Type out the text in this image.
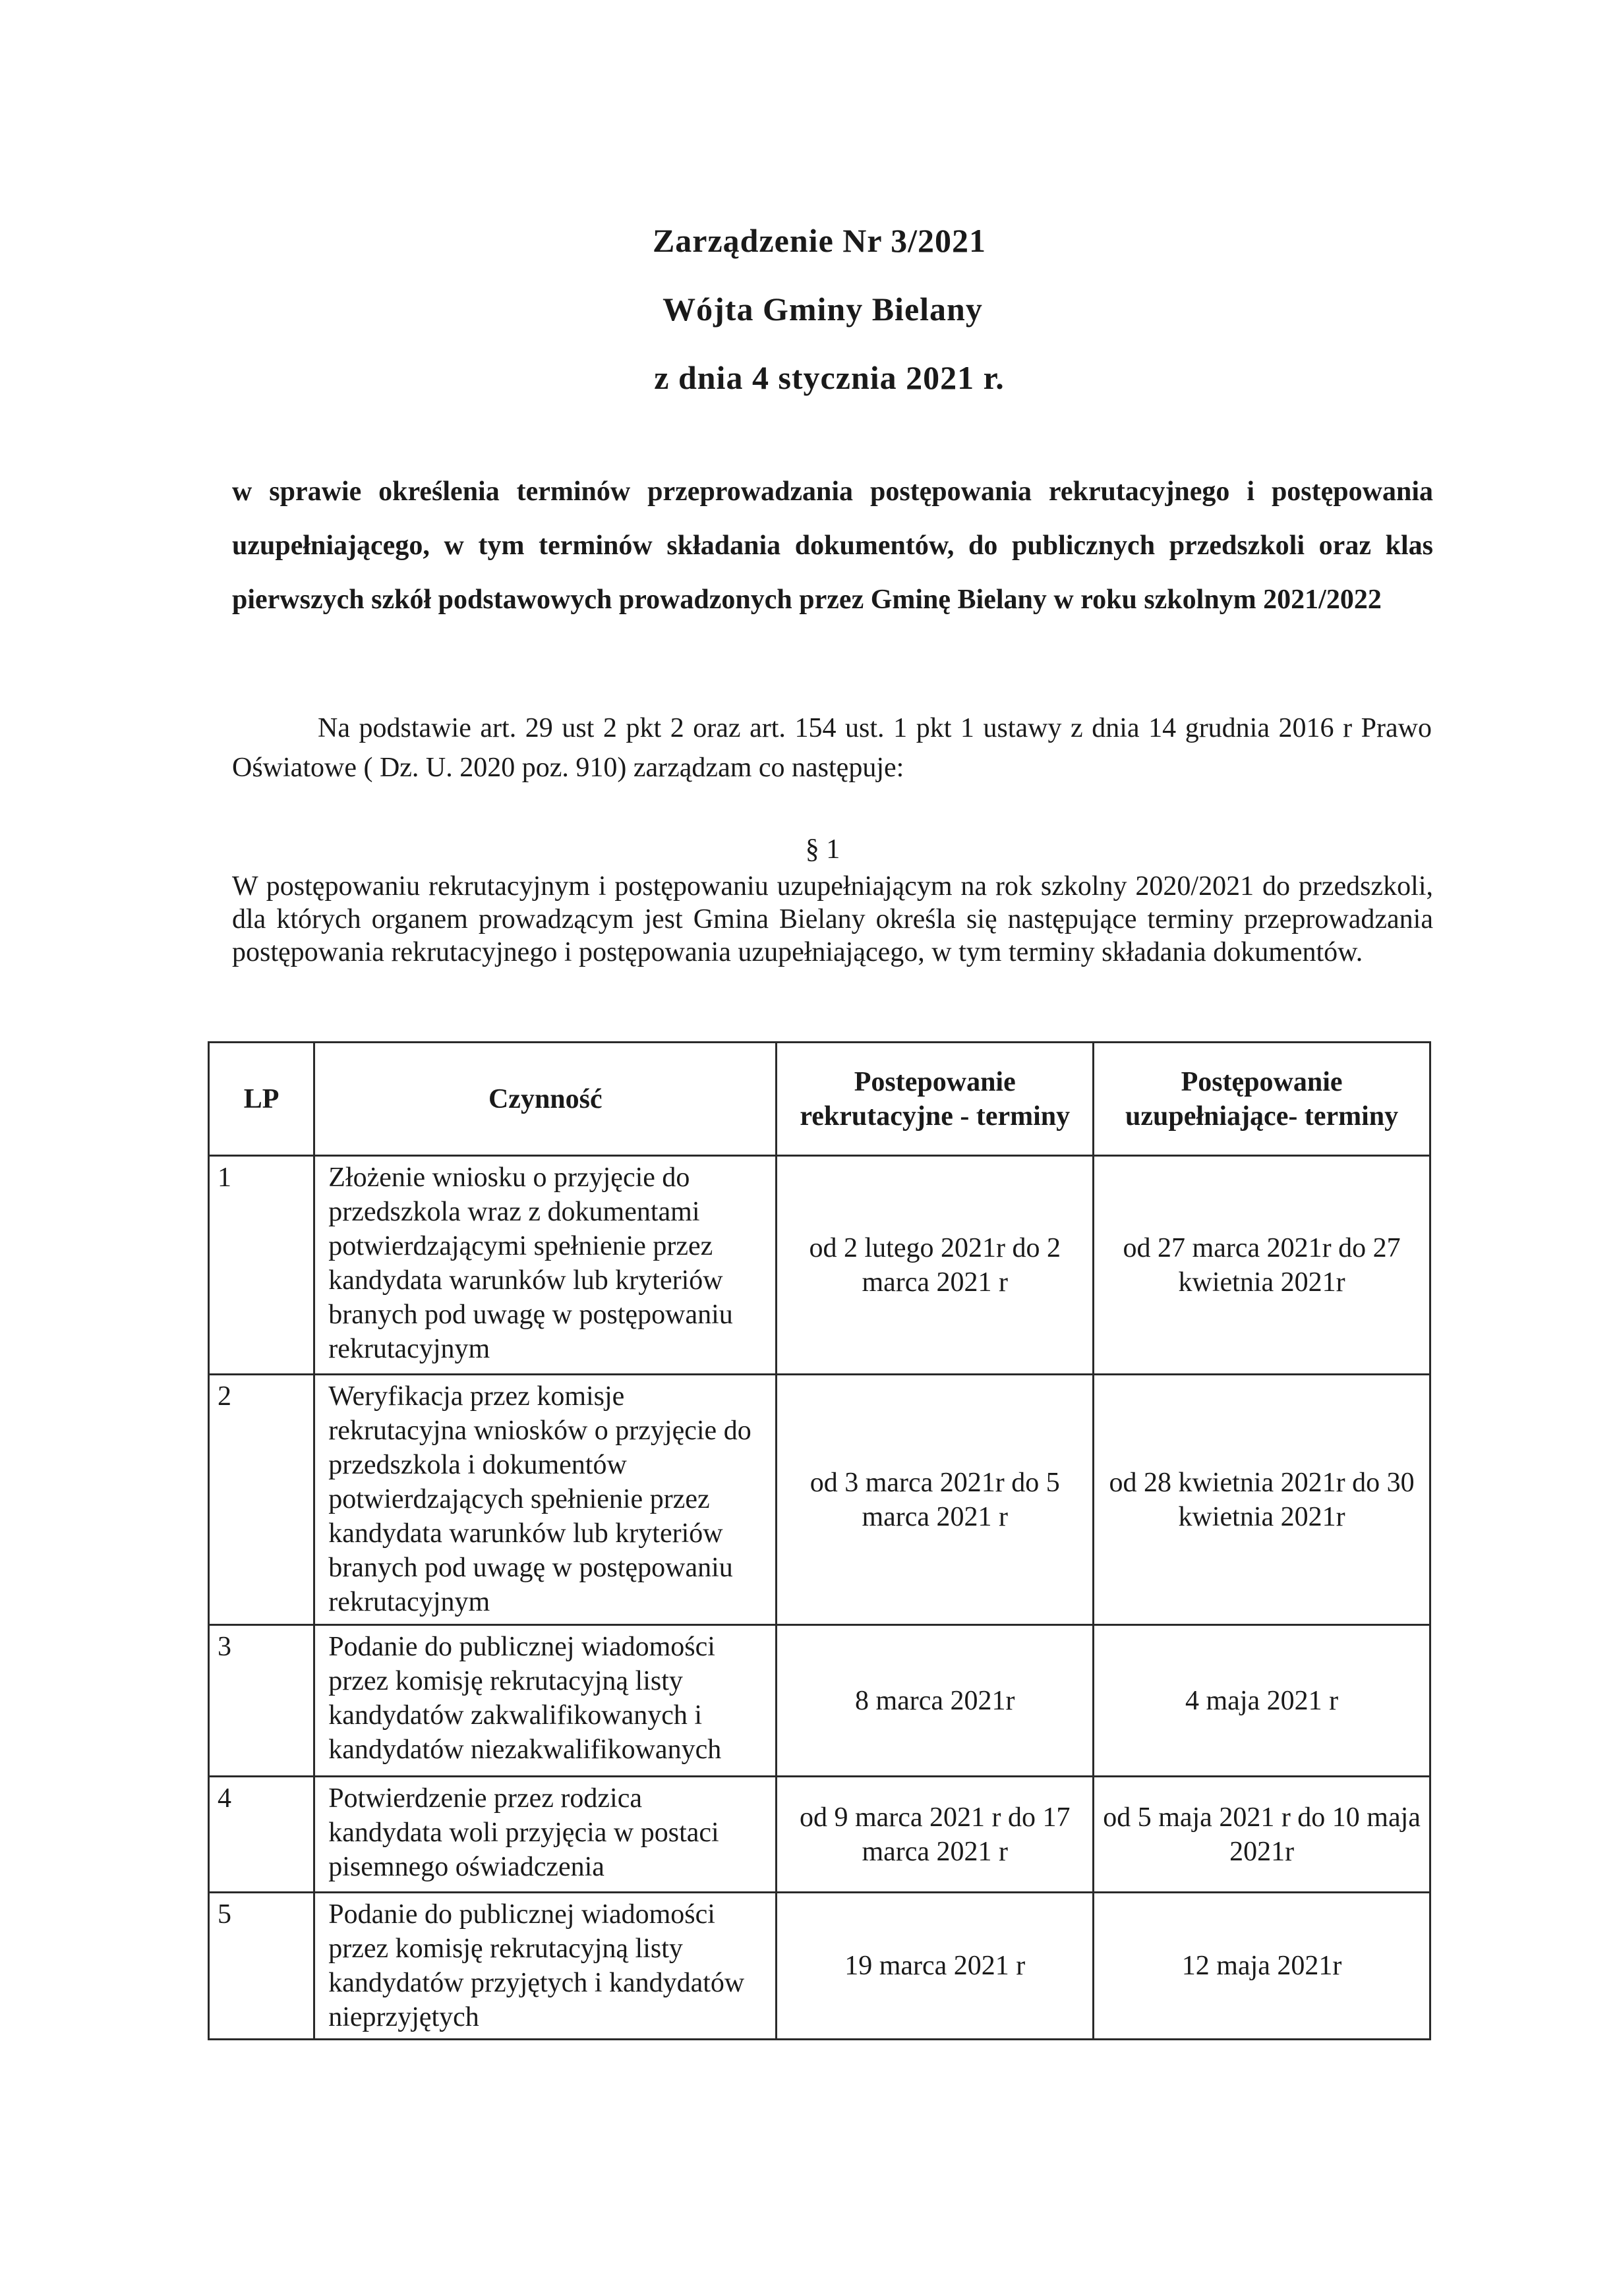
Zarządzenie Nr 3/2021
Wójta Gminy Bielany
z dnia 4 stycznia 2021 r.
w sprawie określenia terminów przeprowadzania postępowania rekrutacyjnego i postępowania uzupełniającego, w tym terminów składania dokumentów, do publicznych przedszkoli oraz klas pierwszych szkół podstawowych prowadzonych przez Gminę Bielany w roku szkolnym 2021/2022
Na podstawie art. 29 ust 2 pkt 2 oraz art. 154 ust. 1 pkt 1 ustawy z dnia 14 grudnia 2016 r Prawo Oświatowe ( Dz. U. 2020 poz. 910) zarządzam co następuje:
§ 1
W postępowaniu rekrutacyjnym i postępowaniu uzupełniającym na rok szkolny 2020/2021 do przedszkoli, dla których organem prowadzącym jest Gmina Bielany określa się następujące terminy przeprowadzania postępowania rekrutacyjnego i postępowania uzupełniającego, w tym terminy składania dokumentów.
LP	Czynność	Postepowanie rekrutacyjne - terminy	Postępowanie uzupełniające- terminy
1	Złożenie wniosku o przyjęcie do przedszkola wraz z dokumentami potwierdzającymi spełnienie przez kandydata warunków lub kryteriów branych pod uwagę w postępowaniu rekrutacyjnym	od 2 lutego 2021r do 2 marca 2021 r	od 27 marca 2021r do 27 kwietnia 2021r
2	Weryfikacja przez komisje rekrutacyjna wniosków o przyjęcie do przedszkola i dokumentów potwierdzających spełnienie przez kandydata warunków lub kryteriów branych pod uwagę w postępowaniu rekrutacyjnym	od 3 marca 2021r do 5 marca 2021 r	od 28 kwietnia 2021r do 30 kwietnia 2021r
3	Podanie do publicznej wiadomości przez komisję rekrutacyjną listy kandydatów zakwalifikowanych i kandydatów niezakwalifikowanych	8 marca 2021r	4 maja 2021 r
4	Potwierdzenie przez rodzica kandydata woli przyjęcia w postaci pisemnego oświadczenia	od 9 marca 2021 r do 17 marca 2021 r	od 5 maja 2021 r do 10 maja 2021r
5	Podanie do publicznej wiadomości przez komisję rekrutacyjną listy kandydatów przyjętych i kandydatów nieprzyjętych	19 marca 2021 r	12 maja 2021r
